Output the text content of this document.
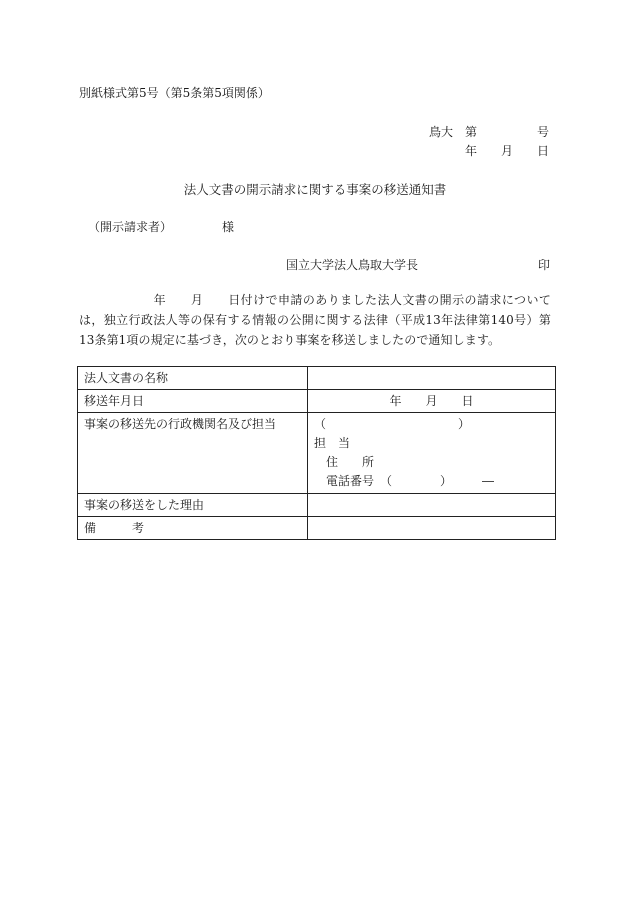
別紙様式第5号（第5条第5項関係）
鳥大　第　　　　　号
年　　月　　日
法人文書の開示請求に関する事案の移送通知書
（開示請求者）	様
国立大学法人鳥取大学長	印
　　　　　　年　　月　　日付けで申請のありました法人文書の開示の請求については，独立行政法人等の保有する情報の公開に関する法律（平成13年法律第140号）第13条第1項の規定に基づき，次のとおり事案を移送しましたので通知します。
法人文書の名称	
移送年月日	年　　月　　日
事案の移送先の行政機関名及び担当	（　　　　　　　　　　　）
担　当
住　　所
電話番号　（　　　　）　　　―

事案の移送をした理由	
備　　　考	
